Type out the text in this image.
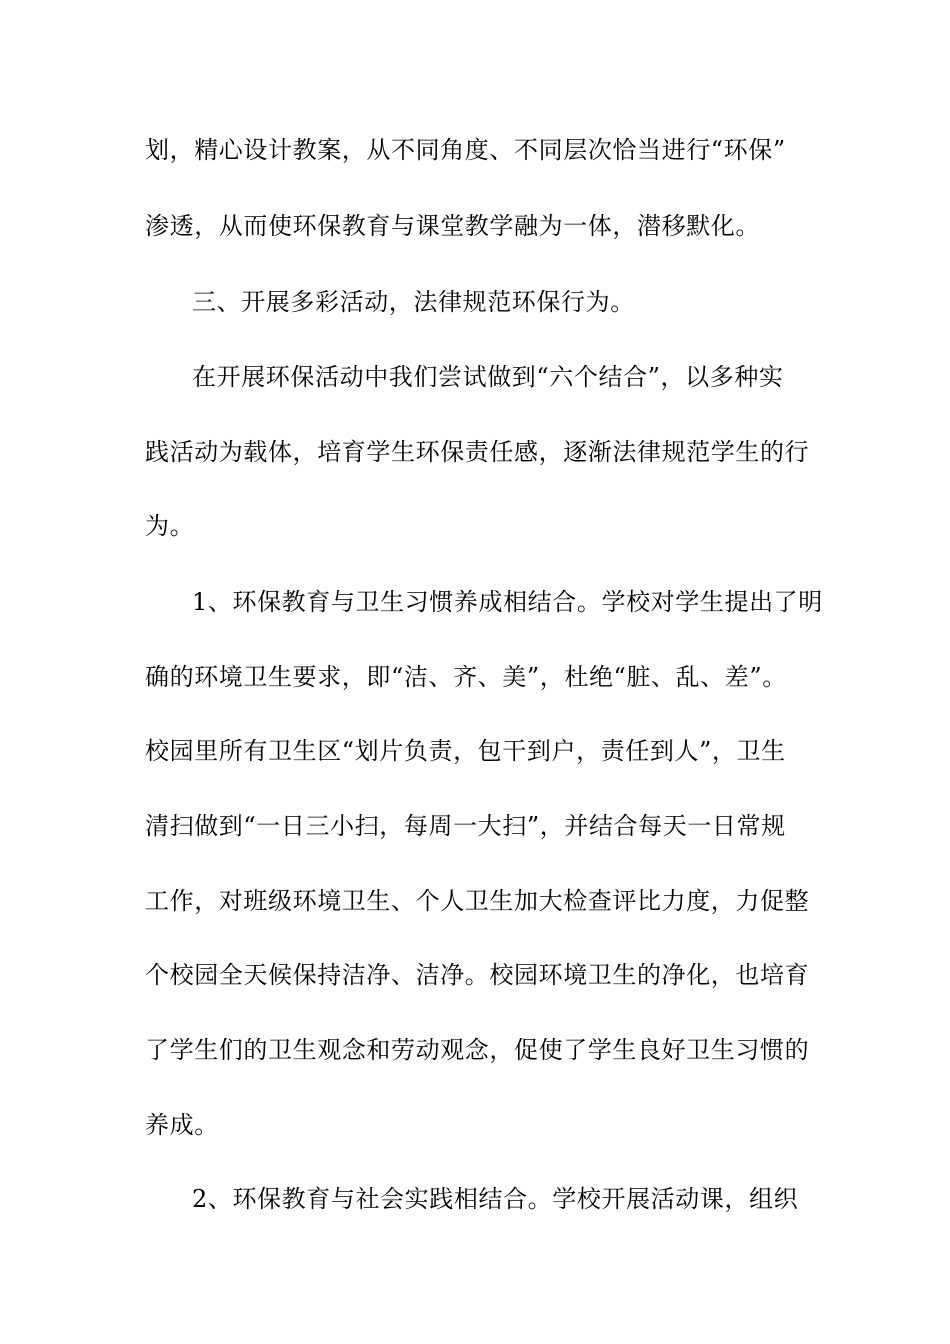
划，精心设计教案，从不同角度、不同层次恰当进行“环保”
渗透，从而使环保教育与课堂教学融为一体，潜移默化。
三、开展多彩活动，法律规范环保行为。
在开展环保活动中我们尝试做到“六个结合”，以多种实
践活动为载体，培育学生环保责任感，逐渐法律规范学生的行
为。
1、环保教育与卫生习惯养成相结合。学校对学生提出了明
确的环境卫生要求，即“洁、齐、美”，杜绝“脏、乱、差”。
校园里所有卫生区“划片负责，包干到户，责任到人”，卫生
清扫做到“一日三小扫，每周一大扫”，并结合每天一日常规
工作，对班级环境卫生、个人卫生加大检查评比力度，力促整
个校园全天候保持洁净、洁净。校园环境卫生的净化，也培育
了学生们的卫生观念和劳动观念，促使了学生良好卫生习惯的
养成。
2、环保教育与社会实践相结合。学校开展活动课，组织
